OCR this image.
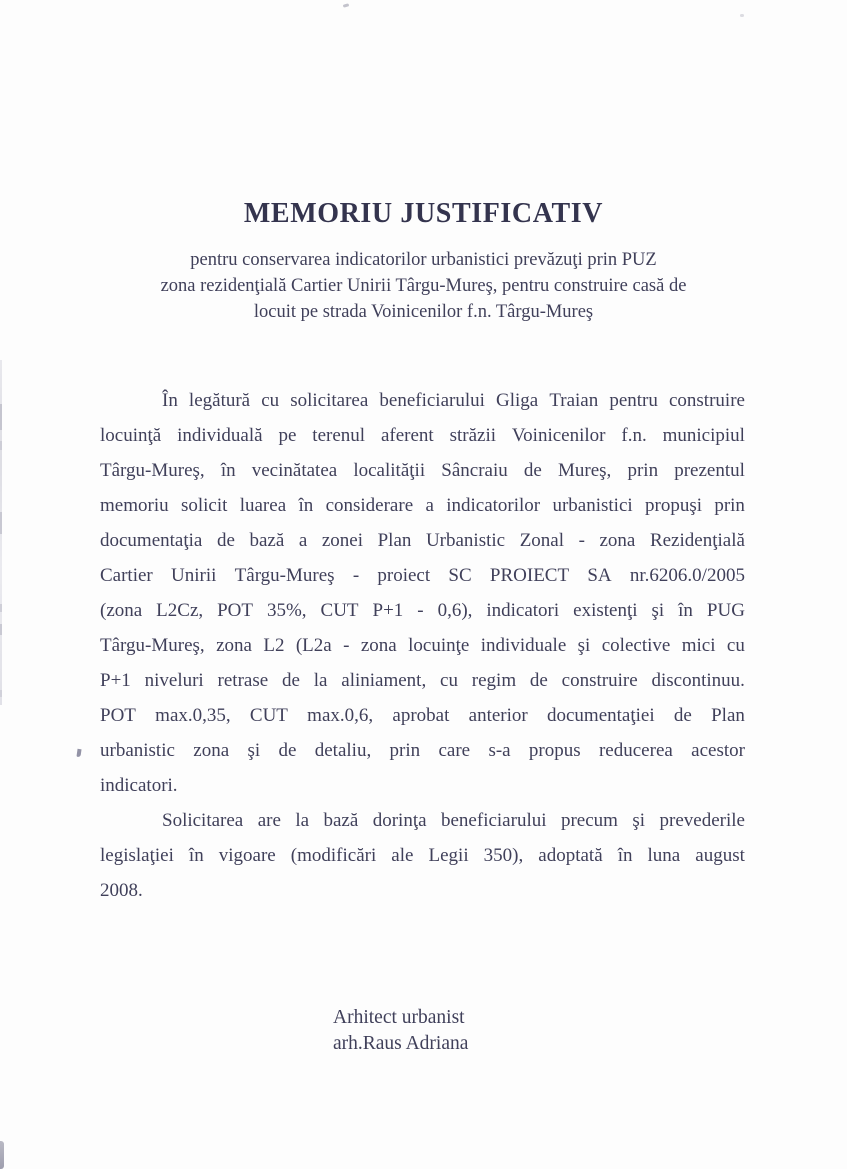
MEMORIU JUSTIFICATIV
pentru conservarea indicatorilor urbanistici prevăzuţi prin PUZ
zona rezidenţială Cartier Unirii Târgu-Mureş, pentru construire casă de
locuit pe strada Voinicenilor f.n. Târgu-Mureş
În legătură cu solicitarea beneficiarului Gliga Traian pentru construire
locuinţă individuală pe terenul aferent străzii Voinicenilor f.n. municipiul
Târgu-Mureş, în vecinătatea localităţii Sâncraiu de Mureş, prin prezentul
memoriu solicit luarea în considerare a indicatorilor urbanistici propuşi prin
documentaţia de bază a zonei Plan Urbanistic Zonal - zona Rezidenţială
Cartier Unirii Târgu-Mureş - proiect SC PROIECT SA nr.6206.0/2005
(zona L2Cz, POT 35%, CUT P+1 - 0,6), indicatori existenţi şi în PUG
Târgu-Mureş, zona L2 (L2a - zona locuinţe individuale şi colective mici cu
P+1 niveluri retrase de la aliniament, cu regim de construire discontinuu.
POT max.0,35, CUT max.0,6, aprobat anterior documentaţiei de Plan
urbanistic zona şi de detaliu, prin care s-a propus reducerea acestor
indicatori.
Solicitarea are la bază dorinţa beneficiarului precum şi prevederile
legislaţiei în vigoare (modificări ale Legii 350), adoptată în luna august
2008.
Arhitect urbanist
arh.Raus Adriana
